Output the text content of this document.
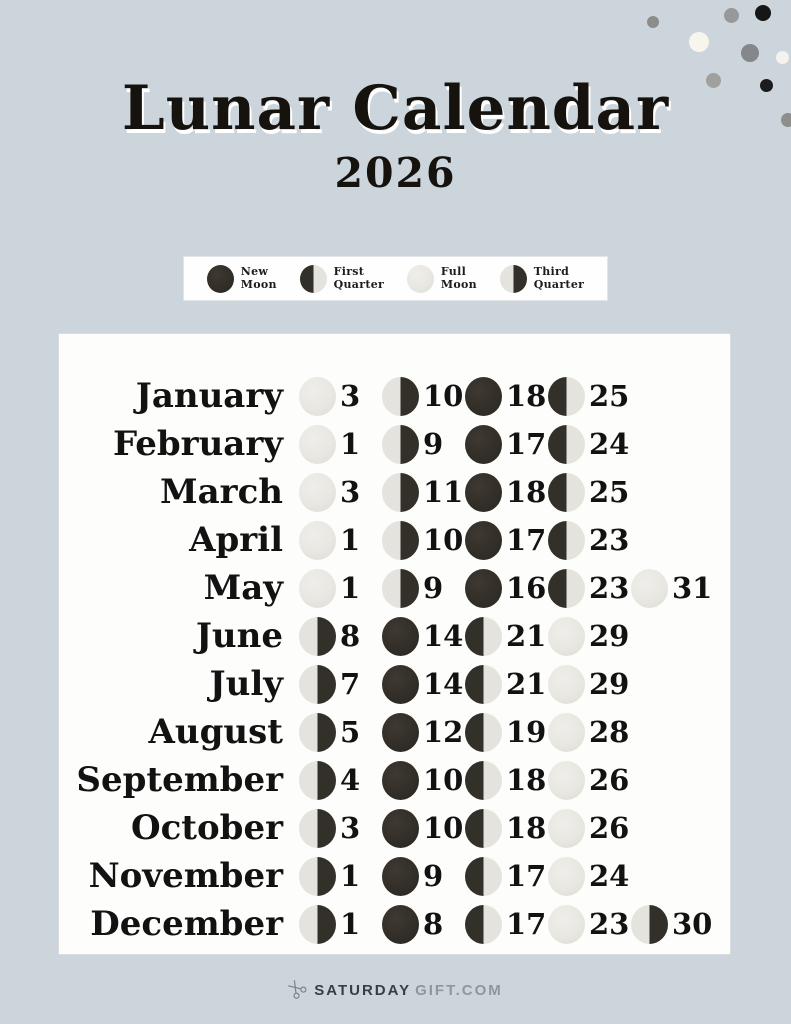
Lunar Calendar
2026
New
Moon
First
Quarter
Full
Moon
Third
Quarter
January	3 10 18 25
February	1 9 17 24
March	3 11 18 25
April	1 10 17 23
May	1 9 16 23 31
June	8 14 21 29
July	7 14 21 29
August	5 12 19 28
September	4 10 18 26
October	3 10 18 26
November	1 9 17 24
December	1 8 17 23 30
SATURDAY GIFT.COM
